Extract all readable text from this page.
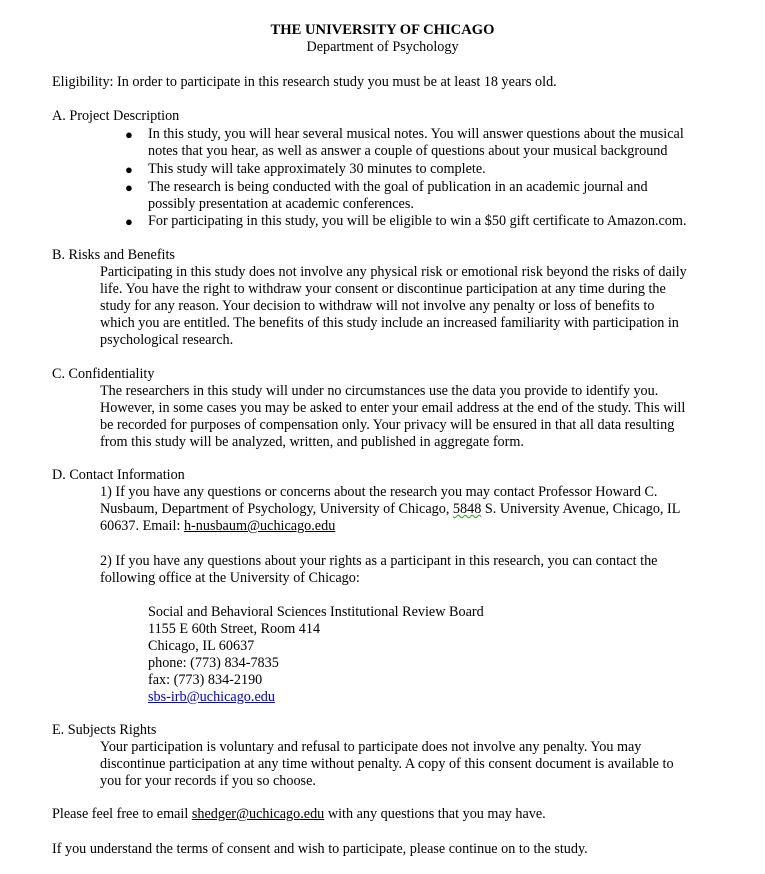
THE UNIVERSITY OF CHICAGO
Department of Psychology
Eligibility: In order to participate in this research study you must be at least 18 years old.
A. Project Description
● In this study, you will hear several musical notes. You will answer questions about the musical
notes that you hear, as well as answer a couple of questions about your musical background
● This study will take approximately 30 minutes to complete.
● The research is being conducted with the goal of publication in an academic journal and
possibly presentation at academic conferences.
● For participating in this study, you will be eligible to win a $50 gift certificate to Amazon.com.
B. Risks and Benefits
Participating in this study does not involve any physical risk or emotional risk beyond the risks of daily
life. You have the right to withdraw your consent or discontinue participation at any time during the
study for any reason. Your decision to withdraw will not involve any penalty or loss of benefits to
which you are entitled. The benefits of this study include an increased familiarity with participation in
psychological research.
C. Confidentiality
The researchers in this study will under no circumstances use the data you provide to identify you.
However, in some cases you may be asked to enter your email address at the end of the study. This will
be recorded for purposes of compensation only. Your privacy will be ensured in that all data resulting
from this study will be analyzed, written, and published in aggregate form.
D. Contact Information
1) If you have any questions or concerns about the research you may contact Professor Howard C.
Nusbaum, Department of Psychology, University of Chicago, 5848 S. University Avenue, Chicago, IL
60637. Email: h-nusbaum@uchicago.edu
2) If you have any questions about your rights as a participant in this research, you can contact the
following office at the University of Chicago:
Social and Behavioral Sciences Institutional Review Board
1155 E 60th Street, Room 414
Chicago, IL 60637
phone: (773) 834-7835
fax: (773) 834-2190
sbs-irb@uchicago.edu
E. Subjects Rights
Your participation is voluntary and refusal to participate does not involve any penalty. You may
discontinue participation at any time without penalty. A copy of this consent document is available to
you for your records if you so choose.
Please feel free to email shedger@uchicago.edu with any questions that you may have.
If you understand the terms of consent and wish to participate, please continue on to the study.
